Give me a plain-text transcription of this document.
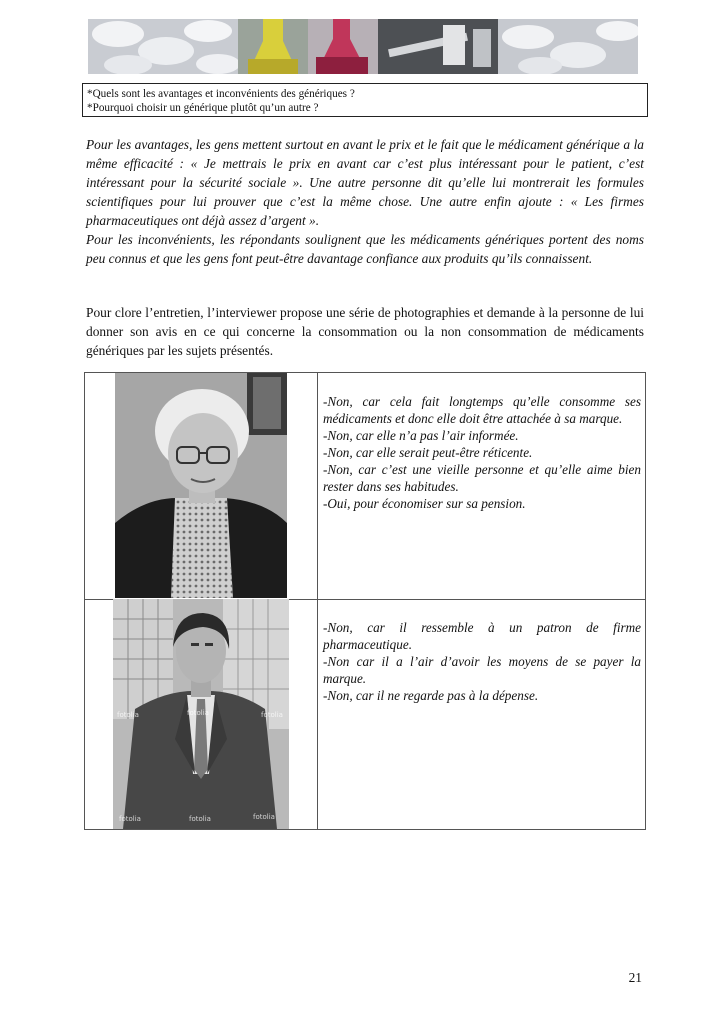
*Quels sont les avantages et inconvénients des génériques ?
*Pourquoi choisir un générique plutôt qu’un autre ?

Pour les avantages, les gens mettent surtout en avant le prix et le fait que le médicament générique a la même efficacité : « Je mettrais le prix en avant car c’est plus intéressant pour le patient, c’est intéressant pour la sécurité sociale ». Une autre personne dit qu’elle lui montrerait les formules scientifiques pour lui prouver que c’est la même chose. Une autre enfin ajoute : « Les firmes pharmaceutiques ont déjà assez d’argent ».

Pour les inconvénients, les répondants soulignent que les médicaments génériques portent des noms peu connus et que les gens font peut-être davantage confiance aux produits qu’ils connaissent.

Pour clore l’entretien, l’interviewer propose une série de photographies et demande à la personne de lui donner son avis en ce qui concerne la consommation ou la non consommation de médicaments génériques par les sujets présentés.

-Non, car cela fait longtemps qu’elle consomme ses médicaments et donc elle doit être attachée à sa marque.

-Non, car elle n’a pas l’air informée.

-Non, car elle serait peut-être réticente.

-Non, car c’est une vieille personne et qu’elle aime bien rester dans ses habitudes.

-Oui, pour économiser sur sa pension.

fotolia	fotolia	fotolia
fotolia	fotolia	fotolia

-Non, car il ressemble à un patron de firme pharmaceutique.

-Non car il a l’air d’avoir les moyens de se payer la marque.

-Non, car il ne regarde pas à la dépense.

21
